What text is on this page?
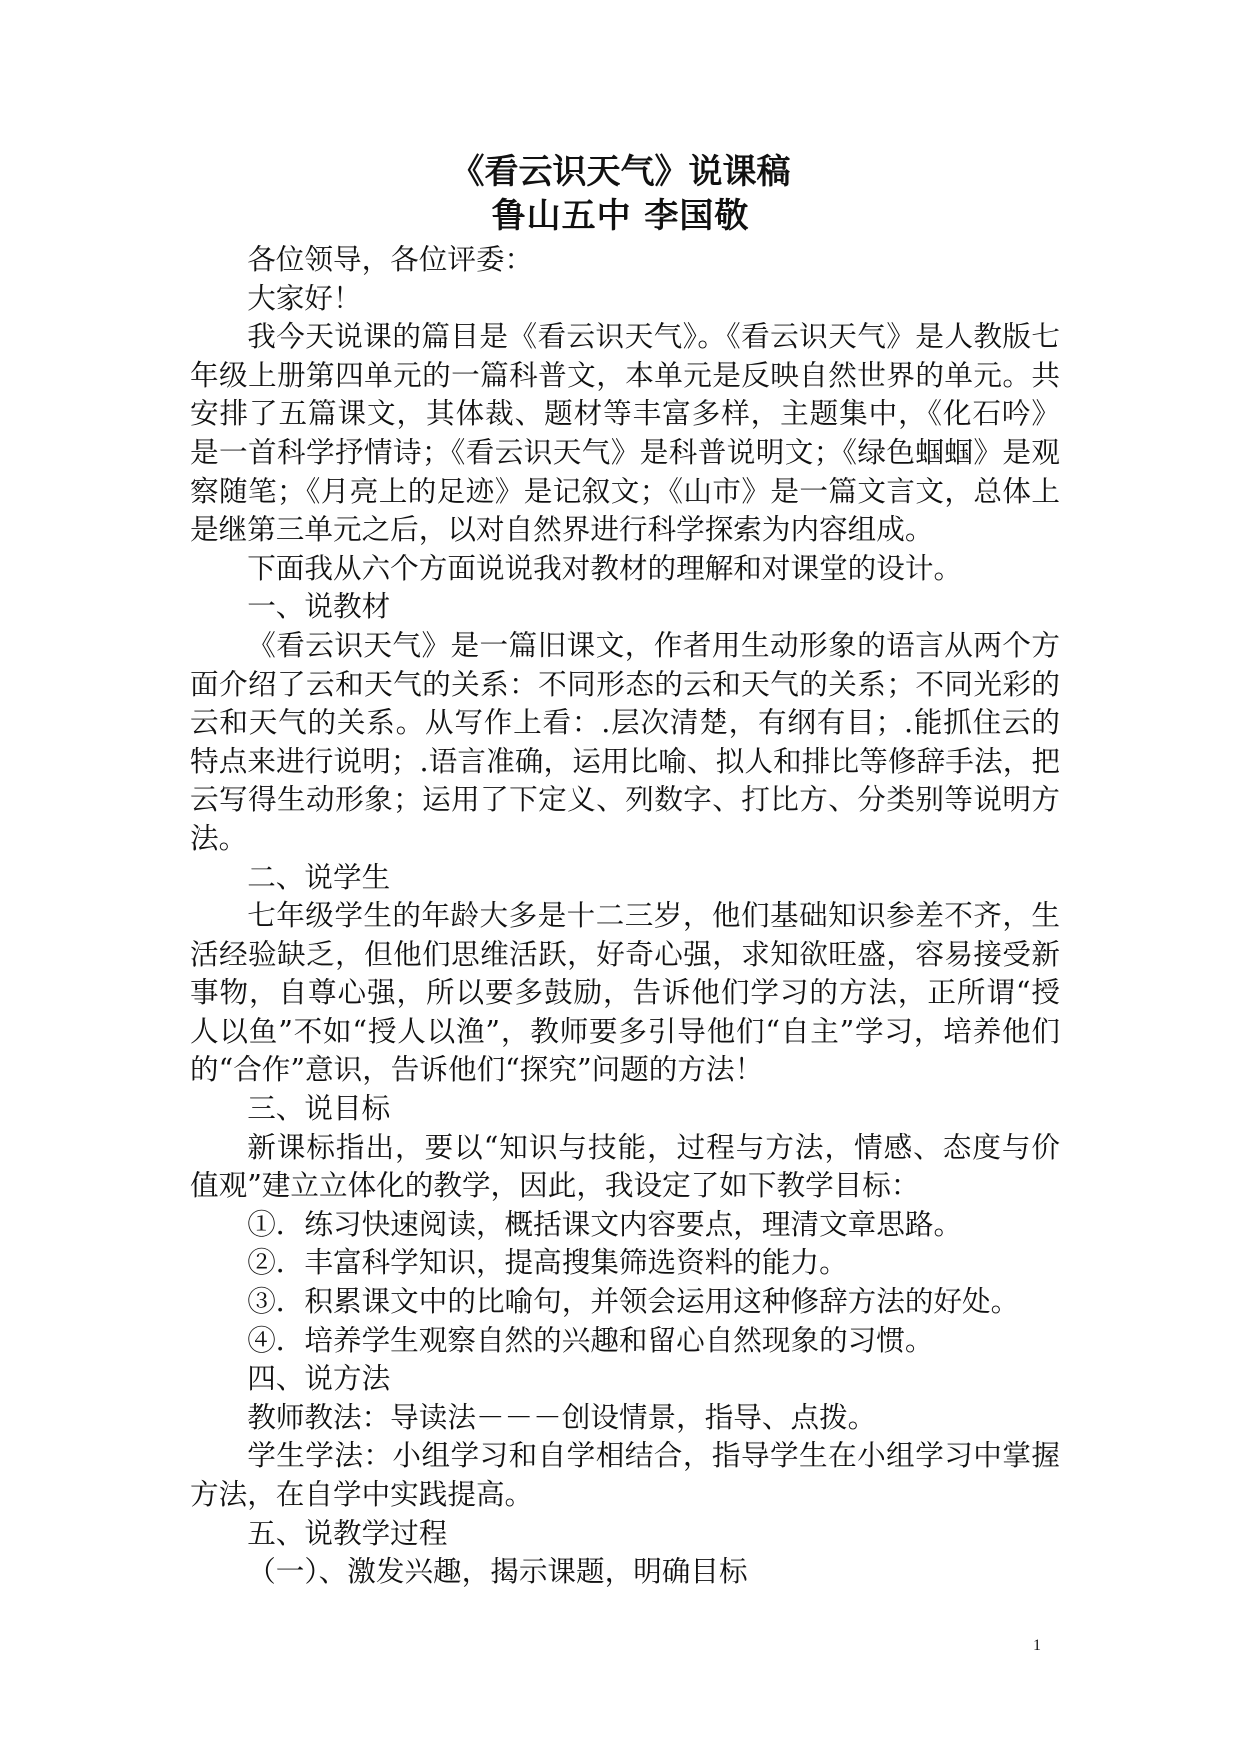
《看云识天气》说课稿
鲁山五中 李国敬

各位领导，各位评委：

大家好！

我今天说课的篇目是《看云识天气》。《看云识天气》是人教版七年级上册第四单元的一篇科普文，本单元是反映自然世界的单元。共安排了五篇课文，其体裁、题材等丰富多样，主题集中，《化石吟》是一首科学抒情诗；《看云识天气》是科普说明文；《绿色蝈蝈》是观察随笔；《月亮上的足迹》是记叙文；《山市》是一篇文言文，总体上是继第三单元之后，以对自然界进行科学探索为内容组成。

下面我从六个方面说说我对教材的理解和对课堂的设计。

一、说教材

《看云识天气》是一篇旧课文，作者用生动形象的语言从两个方面介绍了云和天气的关系：不同形态的云和天气的关系；不同光彩的云和天气的关系。从写作上看：.层次清楚，有纲有目；.能抓住云的特点来进行说明；.语言准确，运用比喻、拟人和排比等修辞手法，把云写得生动形象；运用了下定义、列数字、打比方、分类别等说明方法。

二、说学生

七年级学生的年龄大多是十二三岁，他们基础知识参差不齐，生活经验缺乏，但他们思维活跃，好奇心强，求知欲旺盛，容易接受新事物，自尊心强，所以要多鼓励，告诉他们学习的方法，正所谓“授人以鱼”不如“授人以渔”，教师要多引导他们“自主”学习，培养他们的“合作”意识，告诉他们“探究”问题的方法！

三、说目标

新课标指出，要以“知识与技能，过程与方法，情感、态度与价值观”建立立体化的教学，因此，我设定了如下教学目标：

①．练习快速阅读，概括课文内容要点，理清文章思路。

②．丰富科学知识，提高搜集筛选资料的能力。

③．积累课文中的比喻句，并领会运用这种修辞方法的好处。

④．培养学生观察自然的兴趣和留心自然现象的习惯。

四、说方法

教师教法：导读法－－－创设情景，指导、点拨。

学生学法：小组学习和自学相结合，指导学生在小组学习中掌握方法，在自学中实践提高。

五、说教学过程

（一）、激发兴趣，揭示课题，明确目标

1
